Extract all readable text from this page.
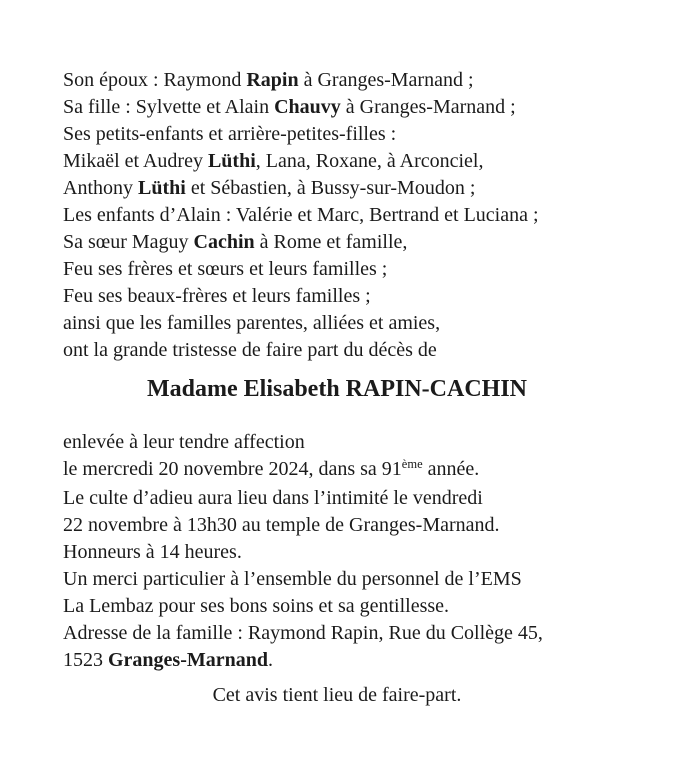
Son époux : Raymond Rapin à Granges-Marnand ;
Sa fille : Sylvette et Alain Chauvy à Granges-Marnand ;
Ses petits-enfants et arrière-petites-filles :
Mikaël et Audrey Lüthi, Lana, Roxane, à Arconciel,
Anthony Lüthi et Sébastien, à Bussy-sur-Moudon ;
Les enfants d’Alain : Valérie et Marc, Bertrand et Luciana ;
Sa sœur Maguy Cachin à Rome et famille,
Feu ses frères et sœurs et leurs familles ;
Feu ses beaux-frères et leurs familles ;
ainsi que les familles parentes, alliées et amies,
ont la grande tristesse de faire part du décès de
Madame Elisabeth RAPIN-CACHIN
enlevée à leur tendre affection
le mercredi 20 novembre 2024, dans sa 91ème année.
Le culte d’adieu aura lieu dans l’intimité le vendredi
22 novembre à 13h30 au temple de Granges-Marnand.
Honneurs à 14 heures.
Un merci particulier à l’ensemble du personnel de l’EMS
La Lembaz pour ses bons soins et sa gentillesse.
Adresse de la famille : Raymond Rapin, Rue du Collège 45,
1523 Granges-Marnand.
Cet avis tient lieu de faire-part.
